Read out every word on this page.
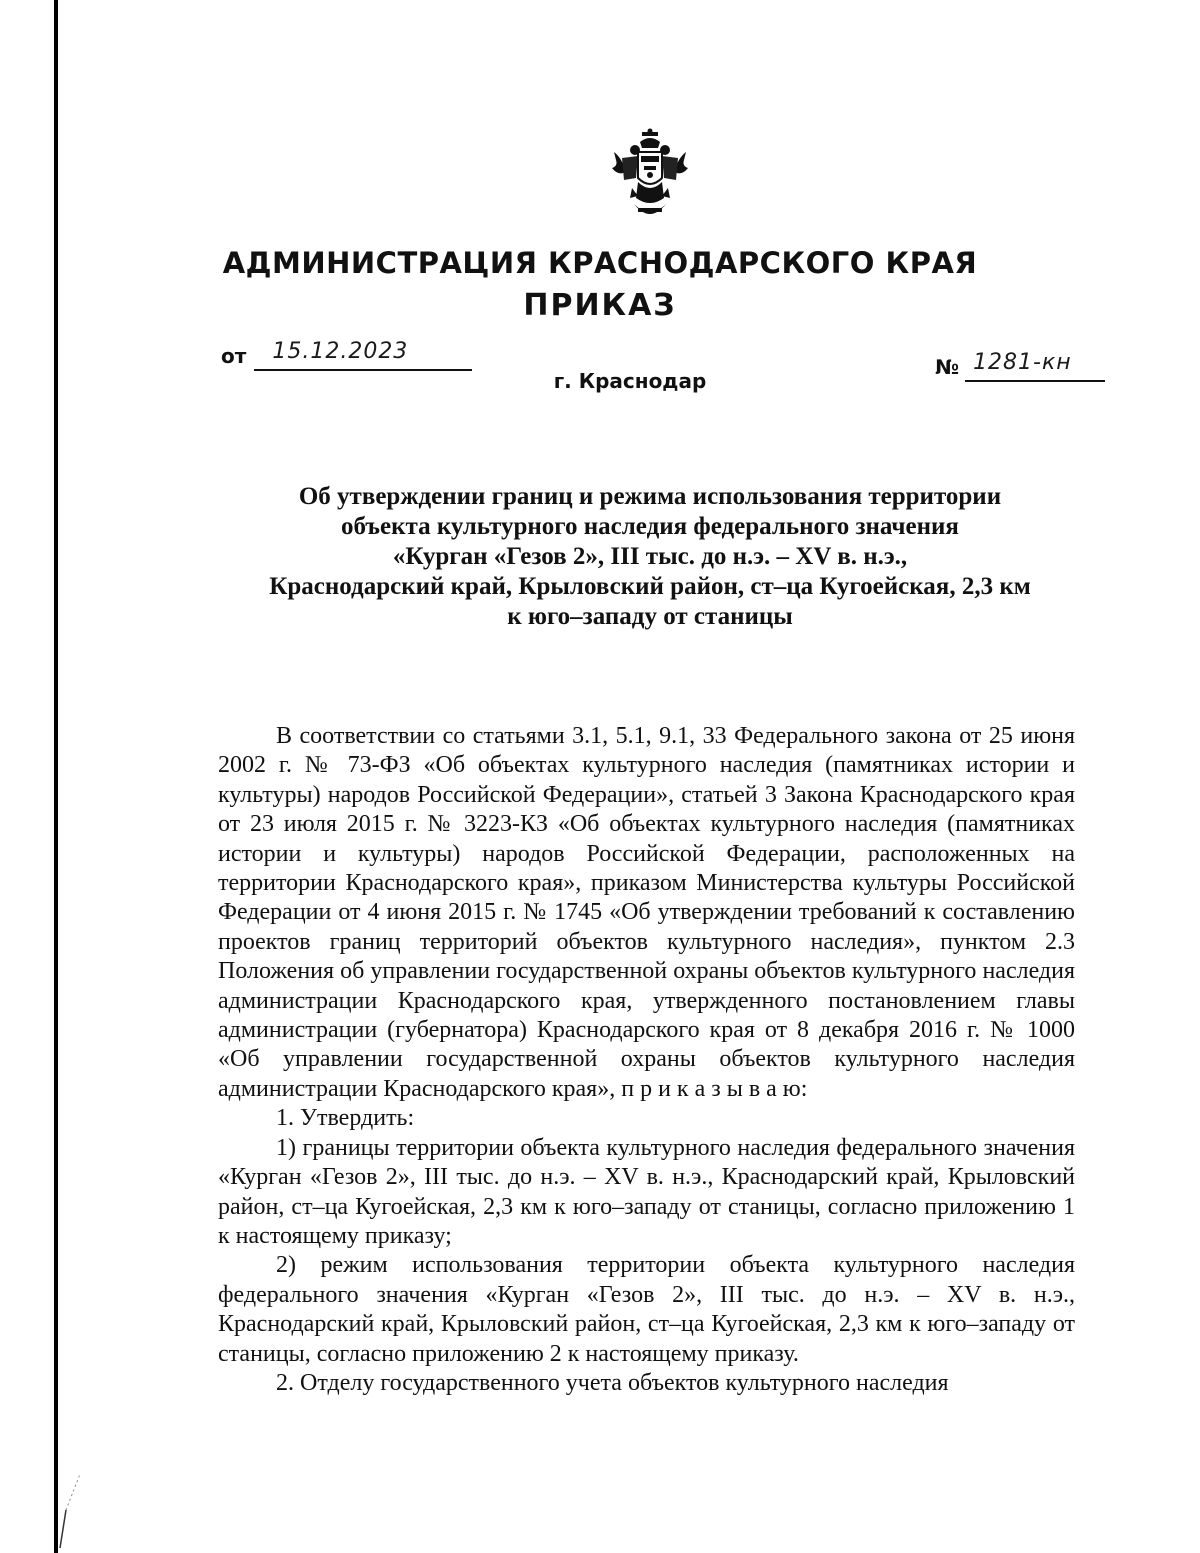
АДМИНИСТРАЦИЯ КРАСНОДАРСКОГО КРАЯ
ПРИКАЗ
от 15.12.2023
г. Краснодар
№ 1281-кн
Об утверждении границ и режима использования территории
объекта культурного наследия федерального значения
«Курган «Гезов 2», III тыс. до н.э. – XV в. н.э.,
Краснодарский край, Крыловский район, ст–ца Кугоейская, 2,3 км
к юго–западу от станицы

В соответствии со статьями 3.1, 5.1, 9.1, 33 Федерального закона от 25 июня 2002 г. № 73-ФЗ «Об объектах культурного наследия (памятниках истории и культуры) народов Российской Федерации», статьей 3 Закона Краснодарского края от 23 июля 2015 г. № 3223-КЗ «Об объектах культурного наследия (памятниках истории и культуры) народов Российской Федерации, расположенных на территории Краснодарского края», приказом Министерства культуры Российской Федерации от 4 июня 2015 г. № 1745 «Об утверждении требований к составлению проектов границ территорий объектов культурного наследия», пунктом 2.3 Положения об управлении государственной охраны объектов культурного наследия администрации Краснодарского края, утвержденного постановлением главы администрации (губернатора) Краснодарского края от 8 декабря 2016 г. № 1000 «Об управлении государственной охраны объектов культурного наследия администрации Краснодарского края», п р и к а з ы в а ю:

1. Утвердить:

1) границы территории объекта культурного наследия федерального значения «Курган «Гезов 2», III тыс. до н.э. – XV в. н.э., Краснодарский край, Крыловский район, ст–ца Кугоейская, 2,3 км к юго–западу от станицы, согласно приложению 1 к настоящему приказу;

2) режим использования территории объекта культурного наследия федерального значения «Курган «Гезов 2», III тыс. до н.э. – XV в. н.э., Краснодарский край, Крыловский район, ст–ца Кугоейская, 2,3 км к юго–западу от станицы, согласно приложению 2 к настоящему приказу.

2. Отделу государственного учета объектов культурного наследия
